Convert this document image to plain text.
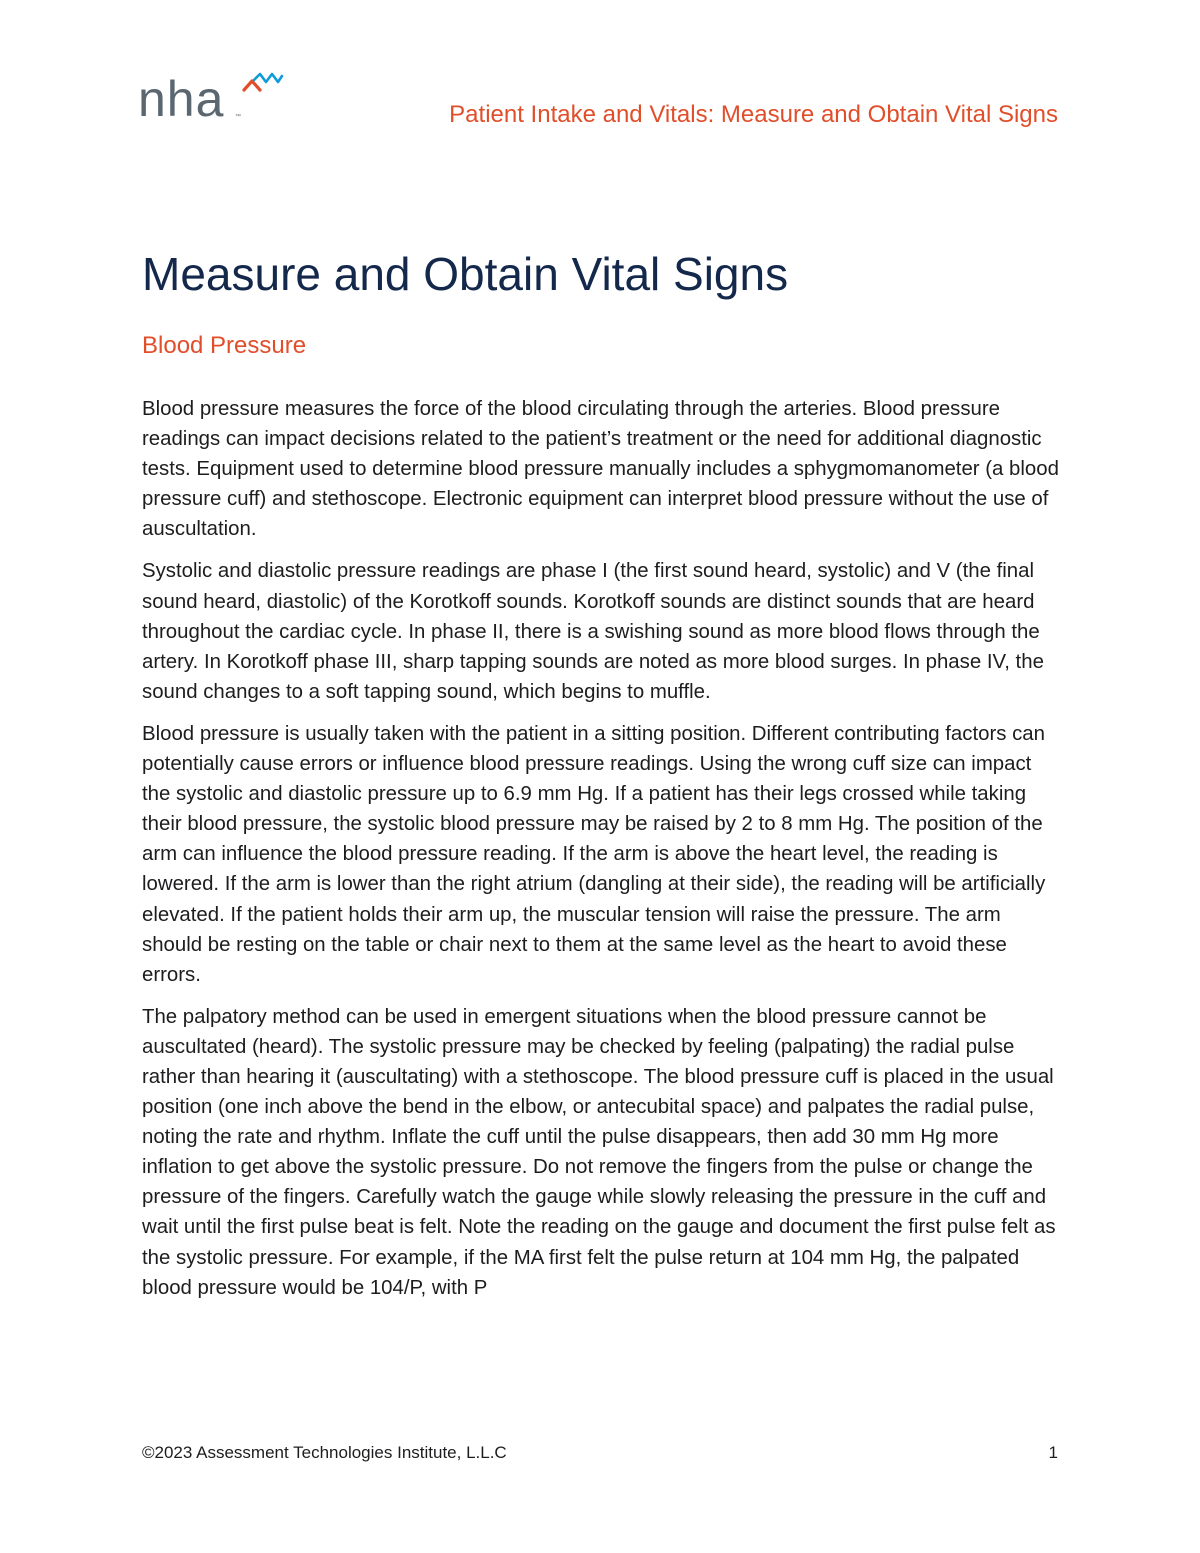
nha ™	Patient Intake and Vitals: Measure and Obtain Vital Signs
Measure and Obtain Vital Signs
Blood Pressure

Blood pressure measures the force of the blood circulating through the arteries. Blood pressure readings can impact decisions related to the patient’s treatment or the need for additional diagnostic tests. Equipment used to determine blood pressure manually includes a sphygmomanometer (a blood pressure cuff) and stethoscope. Electronic equipment can interpret blood pressure without the use of auscultation.

Systolic and diastolic pressure readings are phase I (the first sound heard, systolic) and V (the final sound heard, diastolic) of the Korotkoff sounds. Korotkoff sounds are distinct sounds that are heard throughout the cardiac cycle. In phase II, there is a swishing sound as more blood flows through the artery. In Korotkoff phase III, sharp tapping sounds are noted as more blood surges. In phase IV, the sound changes to a soft tapping sound, which begins to muffle.

Blood pressure is usually taken with the patient in a sitting position. Different contributing factors can potentially cause errors or influence blood pressure readings. Using the wrong cuff size can impact the systolic and diastolic pressure up to 6.9 mm Hg. If a patient has their legs crossed while taking their blood pressure, the systolic blood pressure may be raised by 2 to 8 mm Hg. The position of the arm can influence the blood pressure reading. If the arm is above the heart level, the reading is lowered. If the arm is lower than the right atrium (dangling at their side), the reading will be artificially elevated. If the patient holds their arm up, the muscular tension will raise the pressure. The arm should be resting on the table or chair next to them at the same level as the heart to avoid these errors.

The palpatory method can be used in emergent situations when the blood pressure cannot be auscultated (heard). The systolic pressure may be checked by feeling (palpating) the radial pulse rather than hearing it (auscultating) with a stethoscope. The blood pressure cuff is placed in the usual position (one inch above the bend in the elbow, or antecubital space) and palpates the radial pulse, noting the rate and rhythm. Inflate the cuff until the pulse disappears, then add 30 mm Hg more inflation to get above the systolic pressure. Do not remove the fingers from the pulse or change the pressure of the fingers. Carefully watch the gauge while slowly releasing the pressure in the cuff and wait until the first pulse beat is felt. Note the reading on the gauge and document the first pulse felt as the systolic pressure. For example, if the MA first felt the pulse return at 104 mm Hg, the palpated blood pressure would be 104/P, with P

©2023 Assessment Technologies Institute, L.L.C	1
